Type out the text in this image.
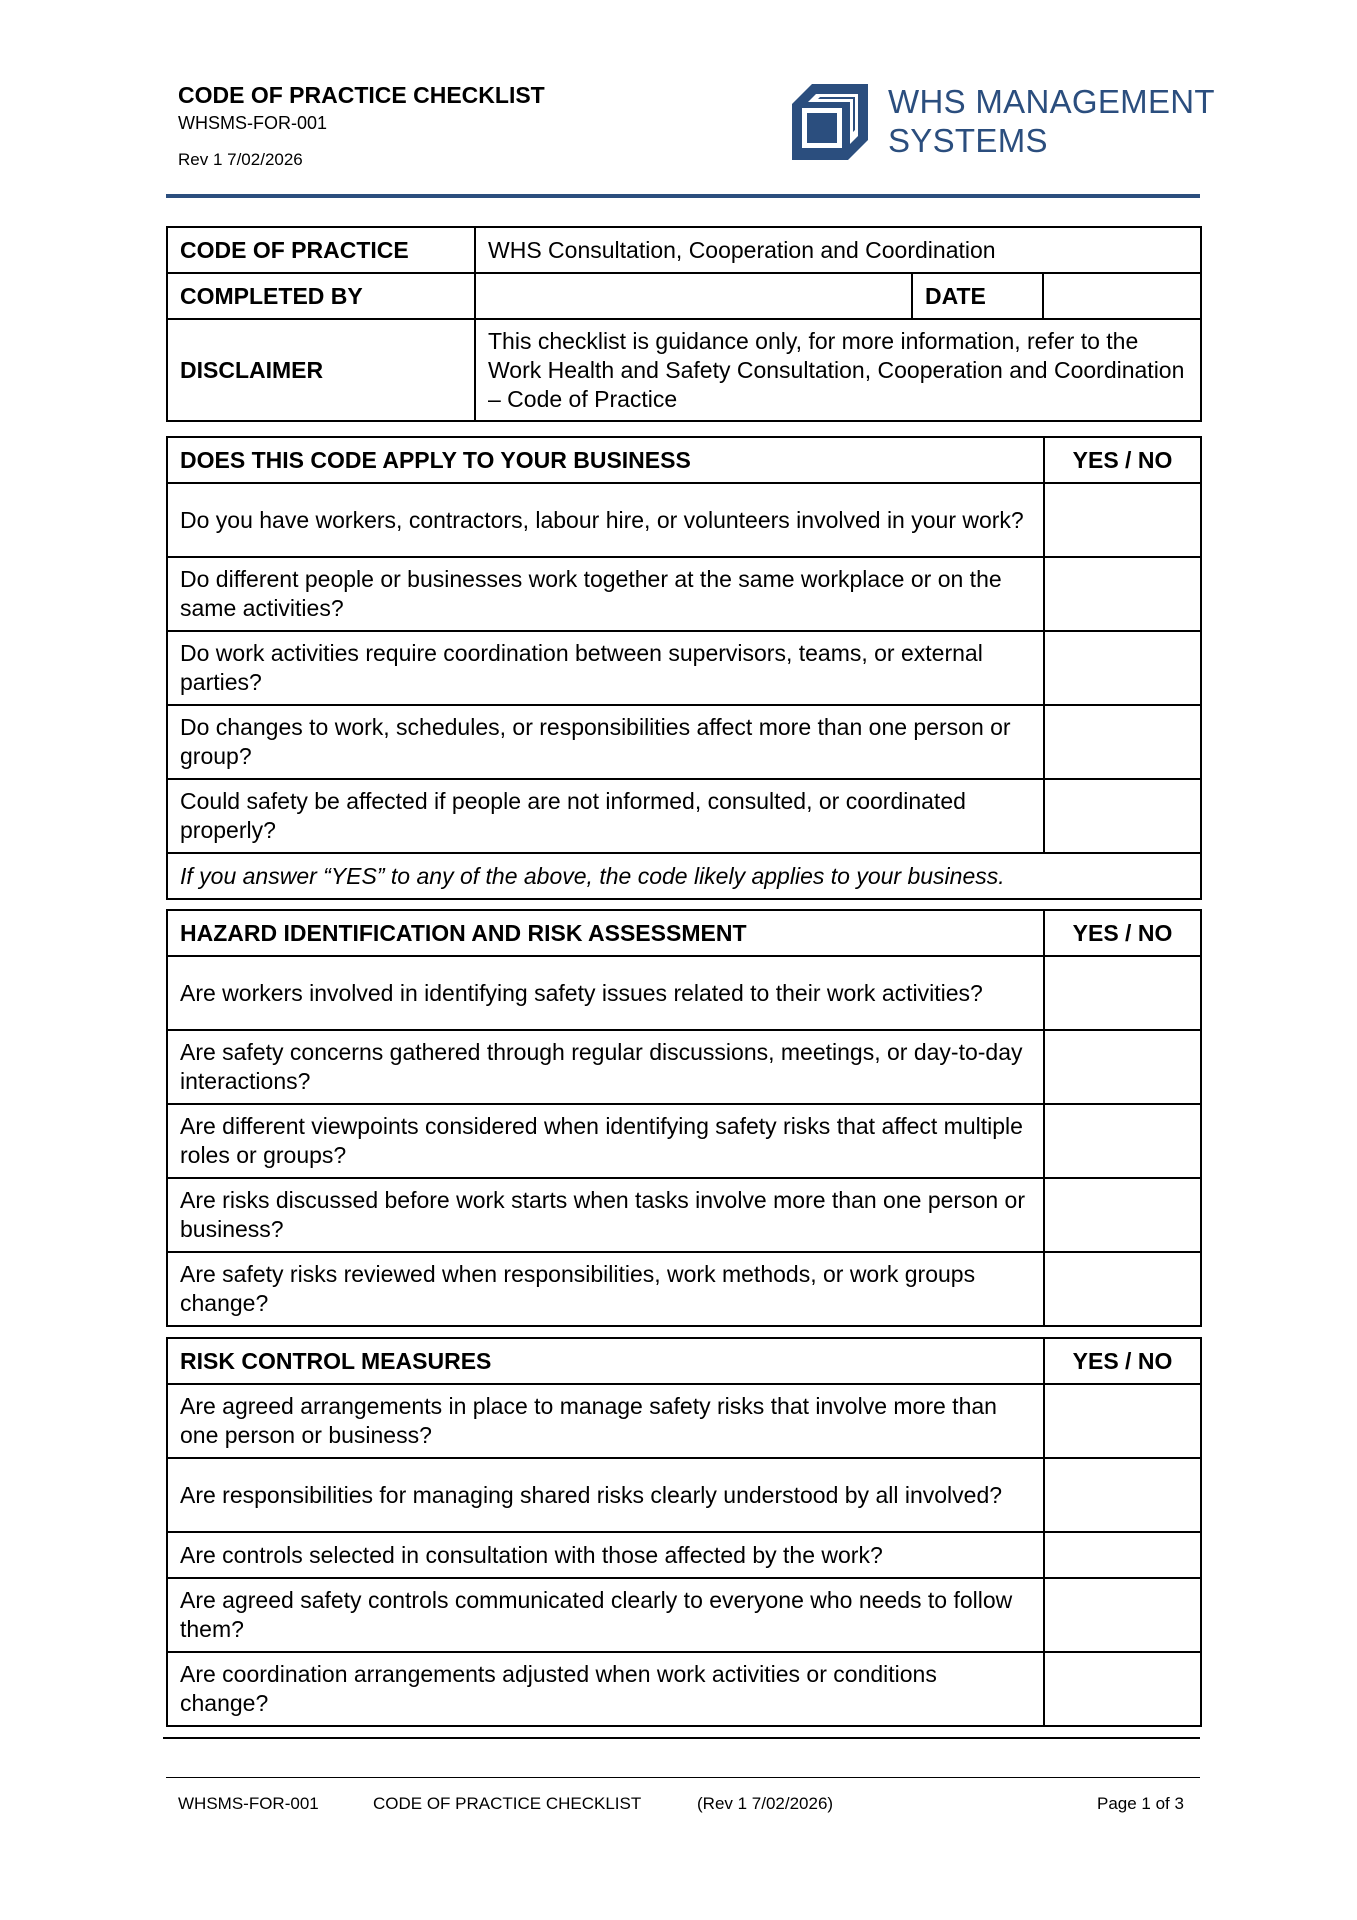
CODE OF PRACTICE CHECKLIST
WHSMS-FOR-001
Rev 1 7/02/2026
WHS MANAGEMENT
SYSTEMS
CODE OF PRACTICE	WHS Consultation, Cooperation and Coordination		
COMPLETED BY		DATE	
DISCLAIMER	This checklist is guidance only, for more information, refer to the Work Health and Safety Consultation, Cooperation and Coordination – Code of Practice		
DOES THIS CODE APPLY TO YOUR BUSINESS	YES / NO
Do you have workers, contractors, labour hire, or volunteers involved in your work?	
Do different people or businesses work together at the same workplace or on the same activities?	
Do work activities require coordination between supervisors, teams, or external parties?	
Do changes to work, schedules, or responsibilities affect more than one person or group?	
Could safety be affected if people are not informed, consulted, or coordinated properly?	
If you answer “YES” to any of the above, the code likely applies to your business.	
HAZARD IDENTIFICATION AND RISK ASSESSMENT	YES / NO
Are workers involved in identifying safety issues related to their work activities?	
Are safety concerns gathered through regular discussions, meetings, or day-to-day interactions?	
Are different viewpoints considered when identifying safety risks that affect multiple roles or groups?	
Are risks discussed before work starts when tasks involve more than one person or business?	
Are safety risks reviewed when responsibilities, work methods, or work groups change?	
RISK CONTROL MEASURES	YES / NO
Are agreed arrangements in place to manage safety risks that involve more than one person or business?	
Are responsibilities for managing shared risks clearly understood by all involved?	
Are controls selected in consultation with those affected by the work?	
Are agreed safety controls communicated clearly to everyone who needs to follow them?	
Are coordination arrangements adjusted when work activities or conditions change?	
WHSMS-FOR-001	CODE OF PRACTICE CHECKLIST	(Rev 1 7/02/2026)	Page 1 of 3
